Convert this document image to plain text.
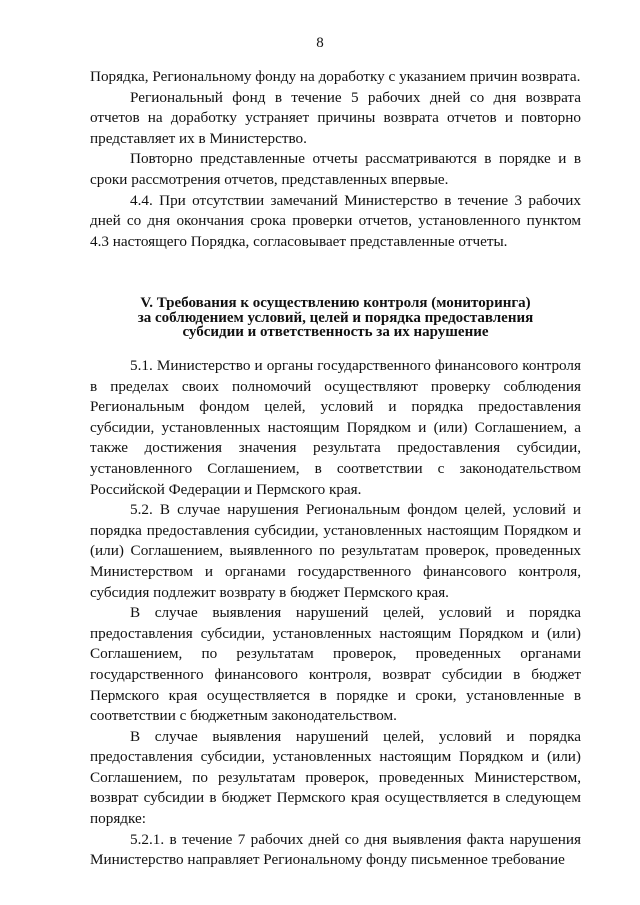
8

Порядка, Региональному фонду на доработку с указанием причин возврата.

Региональный фонд в течение 5 рабочих дней со дня возврата отчетов на доработку устраняет причины возврата отчетов и повторно представляет их в Министерство.

Повторно представленные отчеты рассматриваются в порядке и в сроки рассмотрения отчетов, представленных впервые.

4.4. При отсутствии замечаний Министерство в течение 3 рабочих дней со дня окончания срока проверки отчетов, установленного пунктом 4.3 настоящего Порядка, согласовывает представленные отчеты.

V. Требования к осуществлению контроля (мониторинга)
за соблюдением условий, целей и порядка предоставления
субсидии и ответственность за их нарушение

5.1. Министерство и органы государственного финансового контроля в пределах своих полномочий осуществляют проверку соблюдения Региональным фондом целей, условий и порядка предоставления субсидии, установленных настоящим Порядком и (или) Соглашением, а также достижения значения результата предоставления субсидии, установленного Соглашением, в соответствии с законодательством Российской Федерации и Пермского края.

5.2. В случае нарушения Региональным фондом целей, условий и порядка предоставления субсидии, установленных настоящим Порядком и (или) Соглашением, выявленного по результатам проверок, проведенных Министерством и органами государственного финансового контроля, субсидия подлежит возврату в бюджет Пермского края.

В случае выявления нарушений целей, условий и порядка предоставления субсидии, установленных настоящим Порядком и (или) Соглашением, по результатам проверок, проведенных органами государственного финансового контроля, возврат субсидии в бюджет Пермского края осуществляется в порядке и сроки, установленные в соответствии с бюджетным законодательством.

В случае выявления нарушений целей, условий и порядка предоставления субсидии, установленных настоящим Порядком и (или) Соглашением, по результатам проверок, проведенных Министерством, возврат субсидии в бюджет Пермского края осуществляется в следующем порядке:

5.2.1. в течение 7 рабочих дней со дня выявления факта нарушения Министерство направляет Региональному фонду письменное требование
